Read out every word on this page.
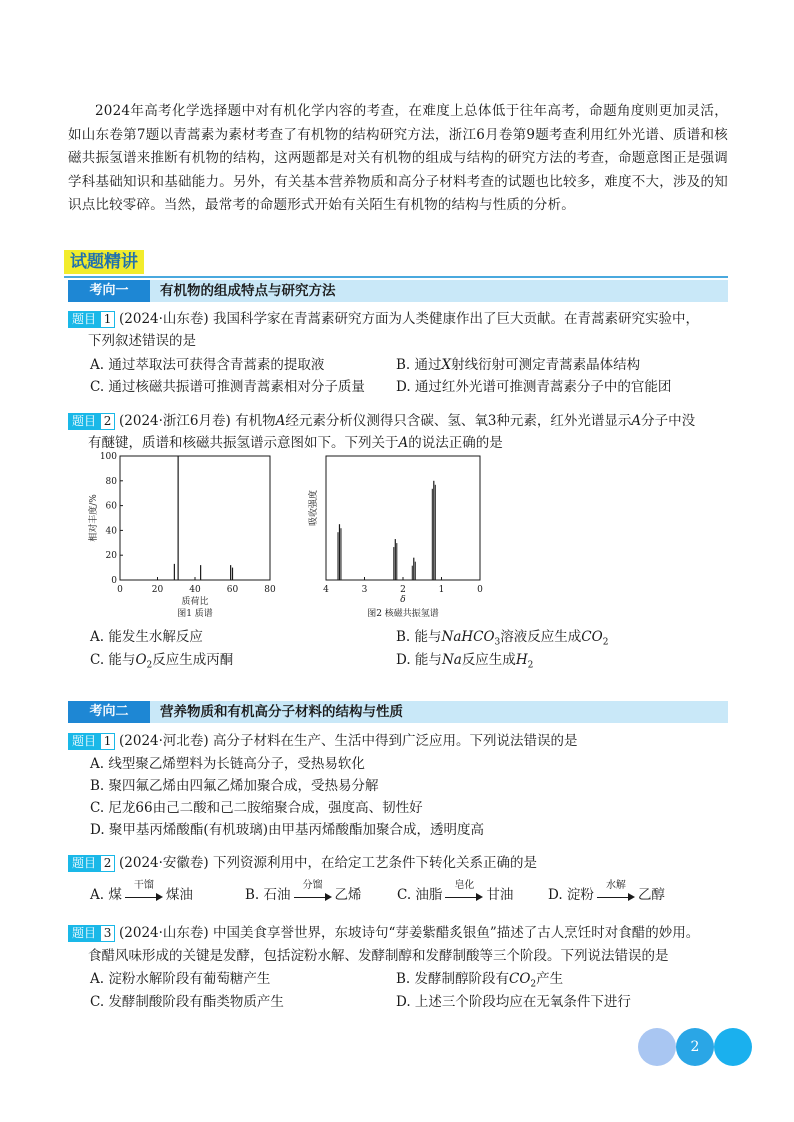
2024年高考化学选择题中对有机化学内容的考查，在难度上总体低于往年高考，命题角度则更加灵活，如山东卷第7题以青蒿素为素材考查了有机物的结构研究方法，浙江6月卷第9题考查利用红外光谱、质谱和核磁共振氢谱来推断有机物的结构，这两题都是对关有机物的组成与结构的研究方法的考查，命题意图正是强调学科基础知识和基础能力。另外，有关基本营养物质和高分子材料考查的试题也比较多，难度不大，涉及的知识点比较零碎。当然，最常考的命题形式开始有关陌生有机物的结构与性质的分析。
试题精讲
考向一	有机物的组成特点与研究方法
题目 1 (2024·山东卷) 我国科学家在青蒿素研究方面为人类健康作出了巨大贡献。在青蒿素研究实验中，
下列叙述错误的是
A. 通过萃取法可获得含青蒿素的提取液	B. 通过X射线衍射可测定青蒿素晶体结构
C. 通过核磁共振谱可推测青蒿素相对分子质量 D. 通过红外光谱可推测青蒿素分子中的官能团
题目 2 (2024·浙江6月卷) 有机物A经元素分析仪测得只含碳、氢、氧3种元素，红外光谱显示A分子中没
有醚键，质谱和核磁共振氢谱示意图如下。下列关于A的说法正确的是
0	20	40	60	80
0
20
40
60
80
100
质荷比
图1 质谱
相对丰度/%
4	3	2	1	0
δ
图2 核磁共振氢谱
吸收强度
A. 能发生水解反应	B. 能与NaHCO$_3$溶液反应生成$CO_2$
C. 能与$O_2$反应生成丙酮	D. 能与Na反应生成$H_2$
考向二	营养物质和有机高分子材料的结构与性质
题目 1 (2024·河北卷) 高分子材料在生产、生活中得到广泛应用。下列说法错误的是
A. 线型聚乙烯塑料为长链高分子，受热易软化
B. 聚四氟乙烯由四氟乙烯加聚合成，受热易分解
C. 尼龙66由己二酸和己二胺缩聚合成，强度高、韧性好
D. 聚甲基丙烯酸酯(有机玻璃)由甲基丙烯酸酯加聚合成，透明度高
题目 2 (2024·安徽卷) 下列资源利用中，在给定工艺条件下转化关系正确的是
A. 煤
干馏
煤油	B. 石油
分馏
乙烯	C. 油脂
皂化
甘油	D. 淀粉
水解
乙醇
题目 3 (2024·山东卷) 中国美食享誉世界，东坡诗句“芽姜紫醋炙银鱼”描述了古人烹饪时对食醋的妙用。
食醋风味形成的关键是发酵，包括淀粉水解、发酵制醇和发酵制酸等三个阶段。下列说法错误的是
A. 淀粉水解阶段有葡萄糖产生	B. 发酵制醇阶段有$CO_2$产生
C. 发酵制酸阶段有酯类物质产生	D. 上述三个阶段均应在无氧条件下进行
2
